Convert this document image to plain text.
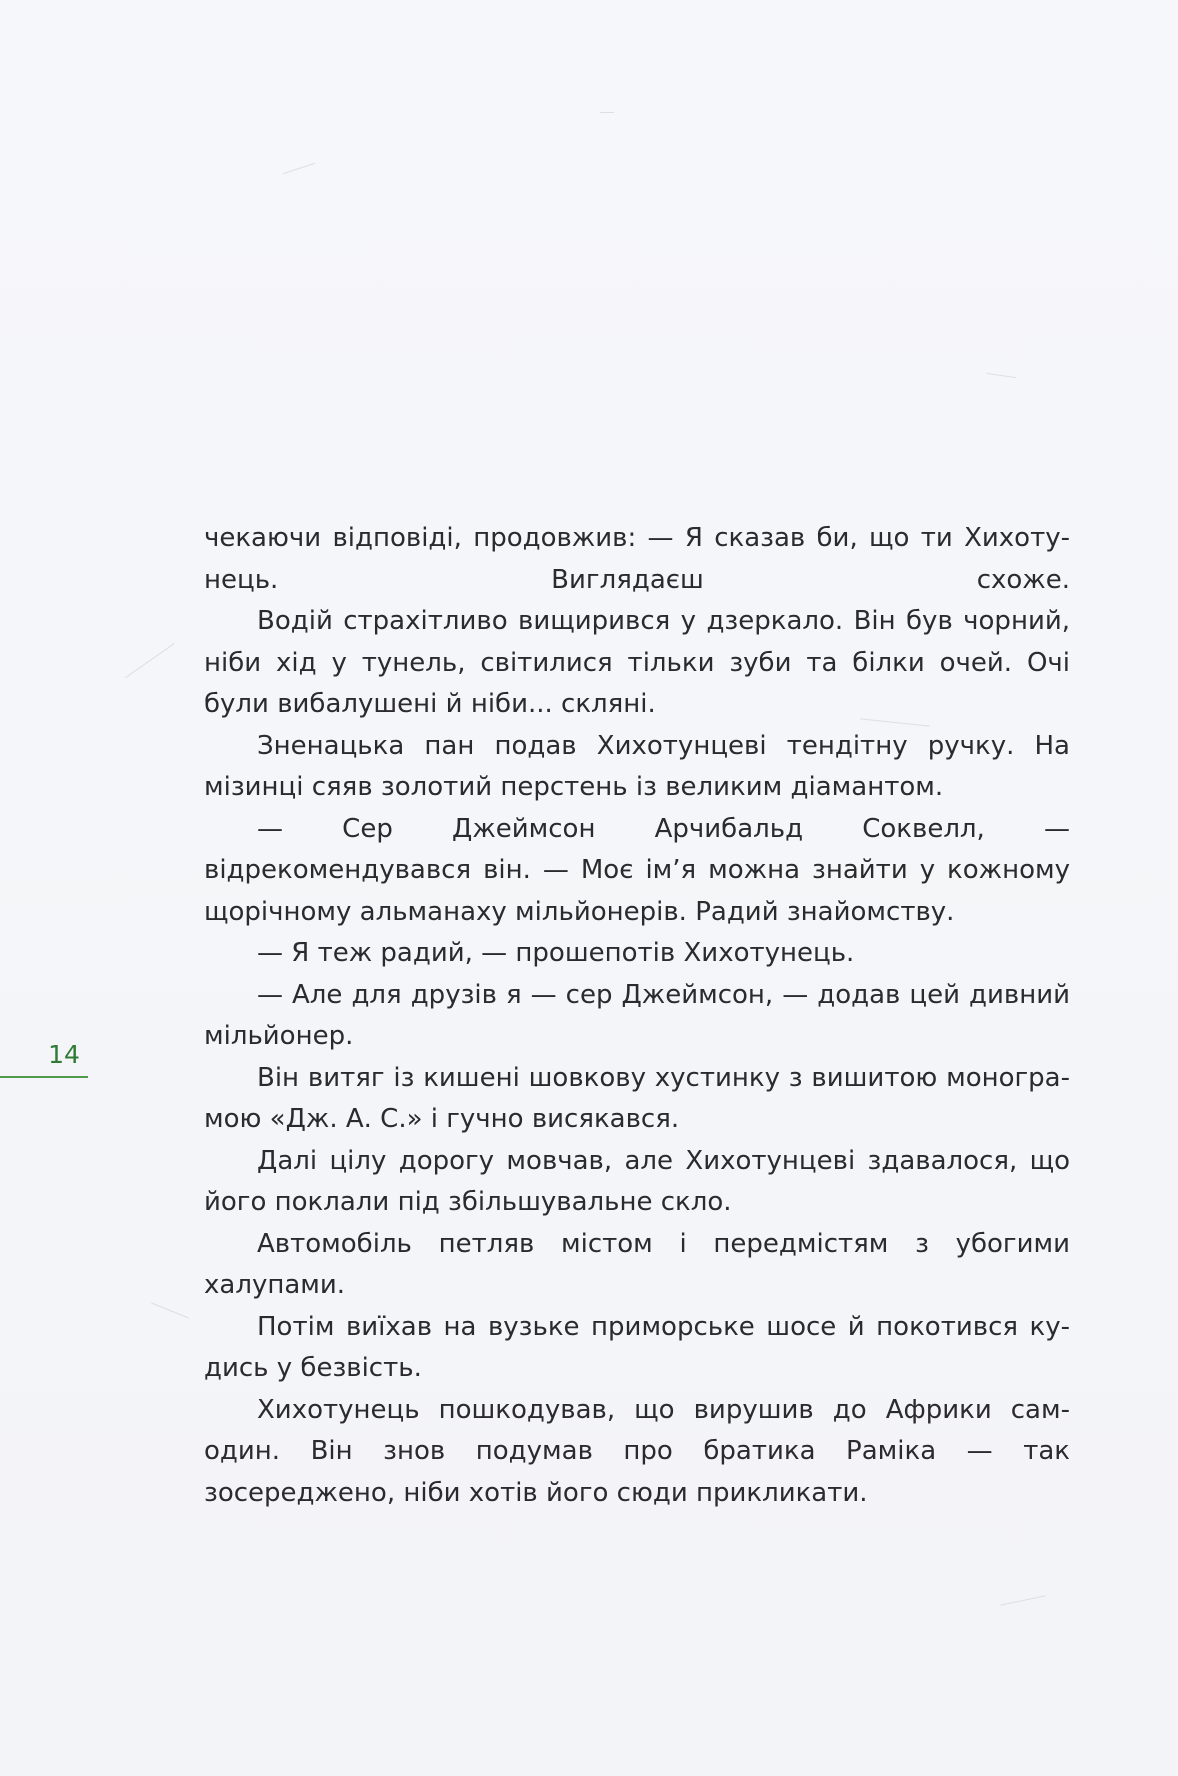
чекаючи відповіді, продовжив: — Я сказав би, що ти Хихотунець. Виглядаєш схоже.

Водій страхітливо вищирився у дзеркало. Він був чорний, ніби хід у тунель, світилися тільки зуби та білки очей. Очі були вибалушені й ніби... скляні.

Зненацька пан подав Хихотунцеві тендітну ручку. На мізинці сяяв золотий перстень із великим діамантом.

— Сер Джеймсон Арчибальд Соквелл, — відрекомендувався він. — Моє ім’я можна знайти у кожному щорічному альманаху мільйонерів. Радий знайомству.

— Я теж радий, — прошепотів Хихотунець.

— Але для друзів я — сер Джеймсон, — додав цей дивний мільйонер.

Він витяг із кишені шовкову хустинку з вишитою монограмою «Дж. А. С.» і гучно висякався.

Далі цілу дорогу мовчав, але Хихотунцеві здавалося, що його поклали під збільшувальне скло.

Автомобіль петляв містом і передмістям з убогими халупами.

Потім виїхав на вузьке приморське шосе й покотився кудись у безвість.

Хихотунець пошкодував, що вирушив до Африки сам-один. Він знов подумав про братика Раміка — так зосереджено, ніби хотів його сюди прикликати.

14
